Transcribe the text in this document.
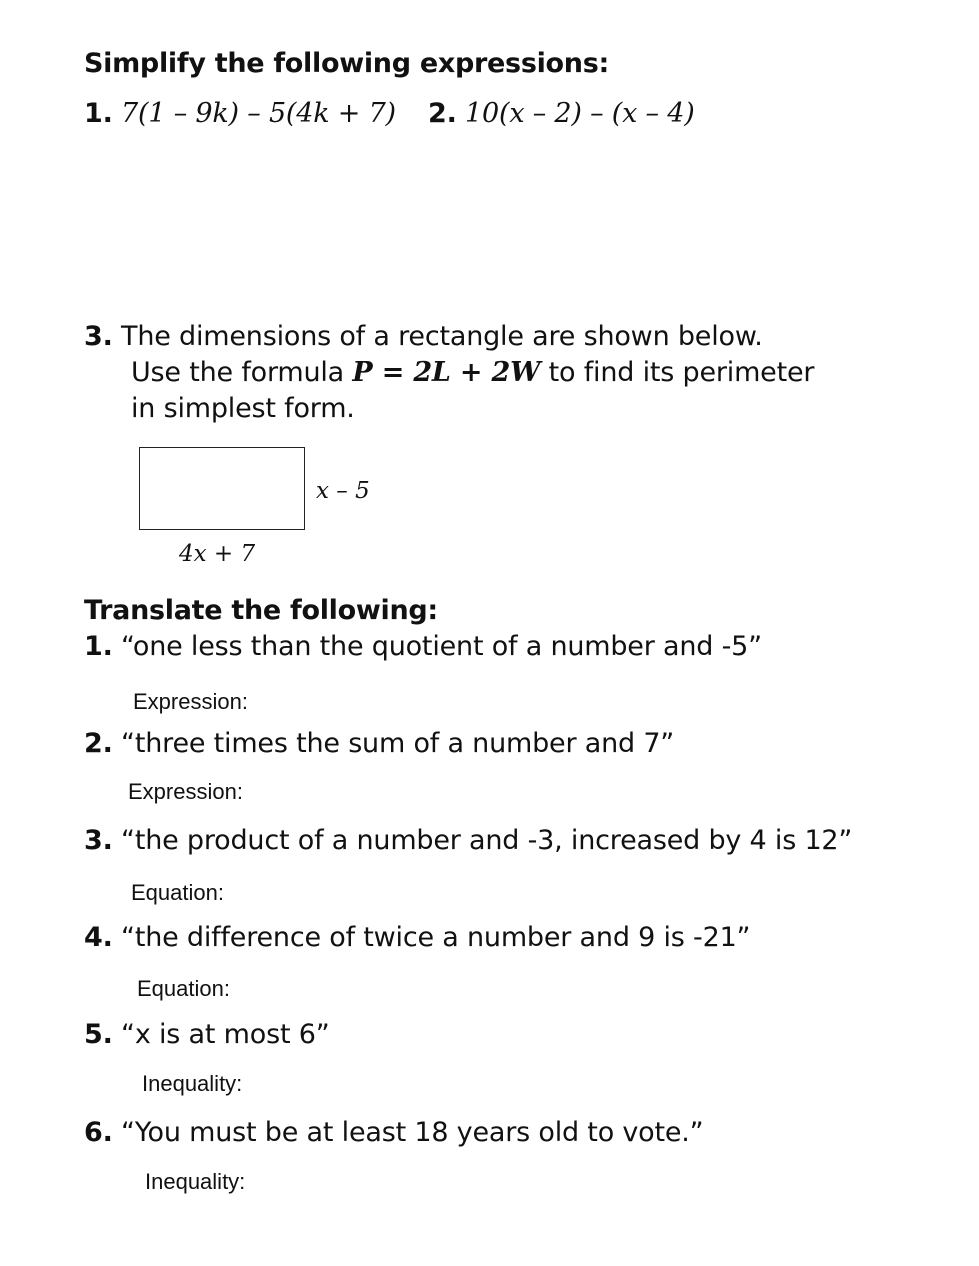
Simplify the following expressions:
1. 7(1 – 9k) – 5(4k + 7) 2. 10(x – 2) – (x – 4)
3. The dimensions of a rectangle are shown below.
Use the formula P = 2L + 2W to find its perimeter
in simplest form.
x – 5
4x + 7
Translate the following:
1. “one less than the quotient of a number and -5”
Expression:
2. “three times the sum of a number and 7”
Expression:
3. “the product of a number and -3, increased by 4 is 12”
Equation:
4. “the difference of twice a number and 9 is -21”
Equation:
5. “x is at most 6”
Inequality:
6. “You must be at least 18 years old to vote.”
Inequality:
